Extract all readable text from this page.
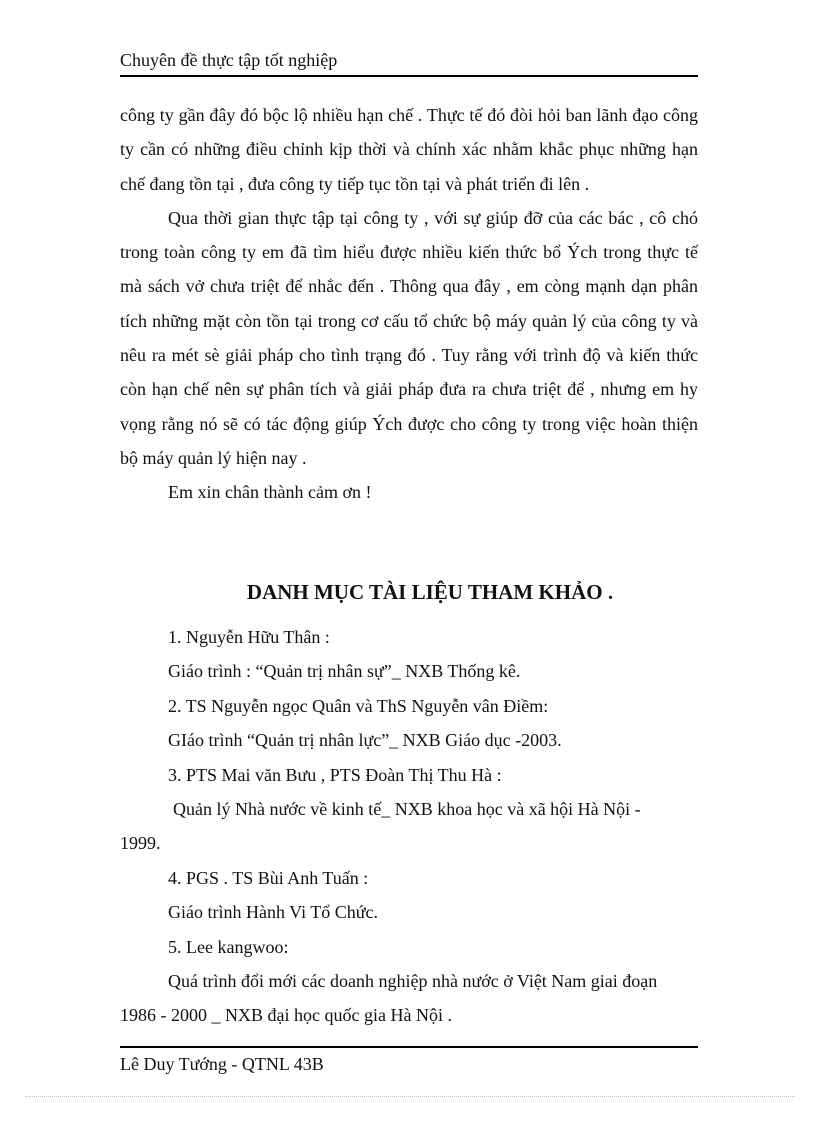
Chuyên đề thực tập tốt nghiệp

công ty gần đây đó bộc lộ nhiều hạn chế . Thực tế đó đòi hỏi ban lãnh đạo công ty cần có những điều chỉnh kịp thời và chính xác nhằm khắc phục những hạn chế đang tồn tại , đưa công ty tiếp tục tồn tại và phát triển đi lên .

Qua thời gian thực tập tại công ty , với sự giúp đỡ của các bác , cô chó trong toàn công ty em đã tìm hiểu được nhiều kiến thức bổ Ých trong thực tế mà sách vở chưa triệt để nhắc đến . Thông qua đây , em còng mạnh dạn phân tích những mặt còn tồn tại trong cơ cấu tổ chức bộ máy quản lý của công ty và nêu ra mét sè giải pháp cho tình trạng đó . Tuy rằng với trình độ và kiến thức còn hạn chế nên sự phân tích và giải pháp đưa ra chưa triệt để , nhưng em hy vọng rằng nó sẽ có tác động giúp Ých được cho công ty trong việc hoàn thiện bộ máy quản lý hiện nay .

Em xin chân thành cảm ơn !

DANH MỤC TÀI LIỆU THAM KHẢO .
1. Nguyễn Hữu Thân :
Giáo trình : “Quản trị nhân sự”_ NXB Thống kê.
2. TS Nguyễn ngọc Quân và ThS Nguyễn vân Điềm:
GIáo trình “Quản trị nhân lực”_ NXB Giáo dục -2003.
3. PTS Mai văn Bưu , PTS Đoàn Thị Thu Hà :
Quản lý Nhà nước về kinh tế_ NXB khoa học và xã hội Hà Nội -
1999.
4. PGS . TS Bùi Anh Tuấn :
Giáo trình Hành Vi Tổ Chức.
5. Lee kangwoo:
Quá trình đổi mới các doanh nghiệp nhà nước ở Việt Nam giai đoạn
1986 - 2000 _ NXB đại học quốc gia Hà Nội .
Lê Duy Tướng - QTNL 43B
